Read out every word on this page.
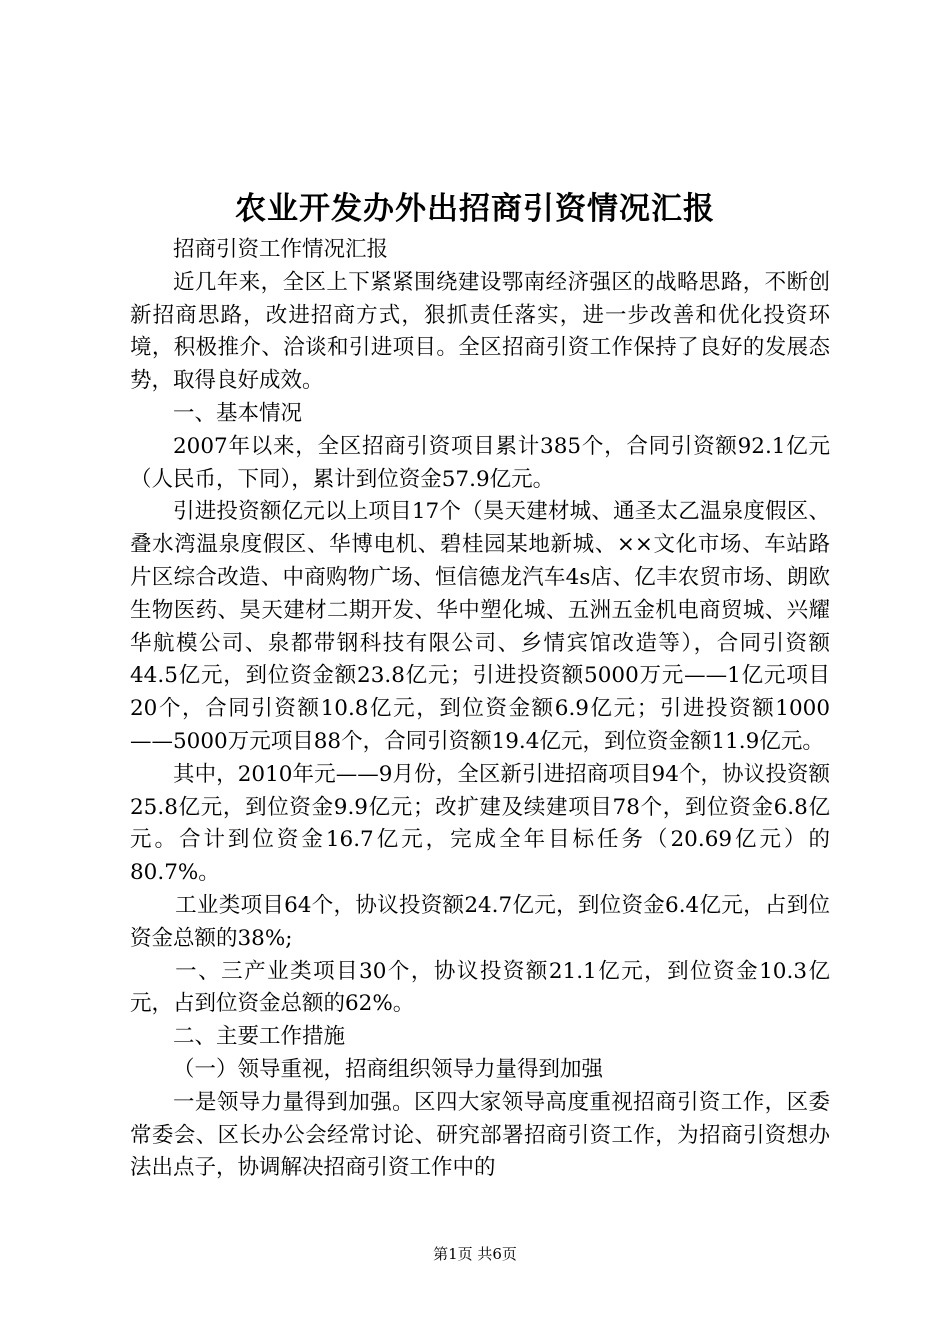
农业开发办外出招商引资情况汇报

招商引资工作情况汇报

近几年来，全区上下紧紧围绕建设鄂南经济强区的战略思路，不断创新招商思路，改进招商方式，狠抓责任落实，进一步改善和优化投资环境，积极推介、洽谈和引进项目。全区招商引资工作保持了良好的发展态势，取得良好成效。

一、基本情况

2007年以来，全区招商引资项目累计385个，合同引资额92.1亿元（人民币，下同），累计到位资金57.9亿元。

引进投资额亿元以上项目17个（昊天建材城、通圣太乙温泉度假区、叠水湾温泉度假区、华博电机、碧桂园某地新城、××文化市场、车站路片区综合改造、中商购物广场、恒信德龙汽车4s店、亿丰农贸市场、朗欧生物医药、昊天建材二期开发、华中塑化城、五洲五金机电商贸城、兴耀华航模公司、泉都带钢科技有限公司、乡情宾馆改造等），合同引资额44.5亿元，到位资金额23.8亿元；引进投资额5000万元——1亿元项目20个，合同引资额10.8亿元，到位资金额6.9亿元；引进投资额1000——5000万元项目88个，合同引资额19.4亿元，到位资金额11.9亿元。

其中，2010年元——9月份，全区新引进招商项目94个，协议投资额25.8亿元，到位资金9.9亿元；改扩建及续建项目78个，到位资金6.8亿元。合计到位资金16.7亿元，完成全年目标任务（20.69亿元）的80.7%。

工业类项目64个，协议投资额24.7亿元，到位资金6.4亿元，占到位资金总额的38%;

一、三产业类项目30个，协议投资额21.1亿元，到位资金10.3亿元，占到位资金总额的62%。

二、主要工作措施

（一）领导重视，招商组织领导力量得到加强

一是领导力量得到加强。区四大家领导高度重视招商引资工作，区委常委会、区长办公会经常讨论、研究部署招商引资工作，为招商引资想办法出点子，协调解决招商引资工作中的

第1页 共6页
